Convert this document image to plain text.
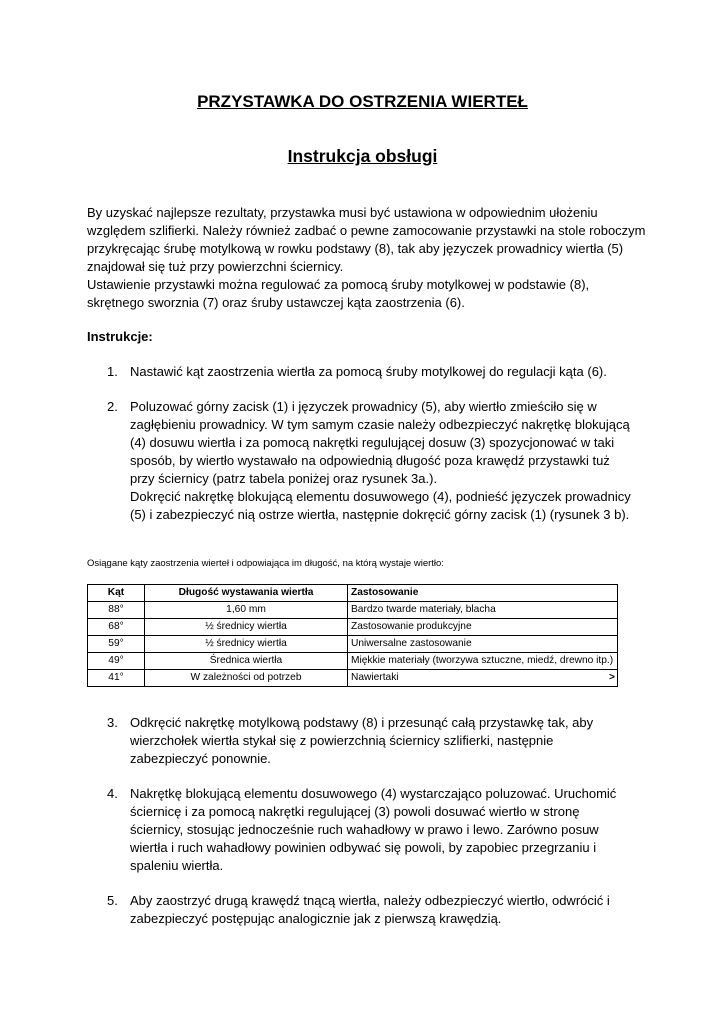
PRZYSTAWKA DO OSTRZENIA WIERTEŁ
Instrukcja obsługi
By uzyskać najlepsze rezultaty, przystawka musi być ustawiona w odpowiednim ułożeniu względem szlifierki. Należy również zadbać o pewne zamocowanie przystawki na stole roboczym przykręcając śrubę motylkową w rowku podstawy (8), tak aby języczek prowadnicy wiertła (5) znajdował się tuż przy powierzchni ściernicy.
Ustawienie przystawki można regulować za pomocą śruby motylkowej w podstawie (8), skrętnego sworznia (7) oraz śruby ustawczej kąta zaostrzenia (6).
Instrukcje:
1. Nastawić kąt zaostrzenia wiertła za pomocą śruby motylkowej do regulacji kąta (6).
2. Poluzować górny zacisk (1) i języczek prowadnicy (5), aby wiertło zmieściło się w zagłębieniu prowadnicy. W tym samym czasie należy odbezpieczyć nakrętkę blokującą (4) dosuwu wiertła i za pomocą nakrętki regulującej dosuw (3) spozycjonować w taki sposób, by wiertło wystawało na odpowiednią długość poza krawędź przystawki tuż przy ściernicy (patrz tabela poniżej oraz rysunek 3a.).
Dokręcić nakrętkę blokującą elementu dosuwowego (4), podnieść języczek prowadnicy (5) i zabezpieczyć nią ostrze wiertła, następnie dokręcić górny zacisk (1) (rysunek 3 b).
Osiągane kąty zaostrzenia wierteł i odpowiająca im długość, na którą wystaje wiertło:
Kąt	Długość wystawania wiertła	Zastosowanie
88°	1,60 mm	Bardzo twarde materiały, blacha
68°	½ średnicy wiertła	Zastosowanie produkcyjne
59°	½ średnicy wiertła	Uniwersalne zastosowanie
49°	Średnica wiertła	Miękkie materiały (tworzywa sztuczne, miedź, drewno itp.)
41°	W zależności od potrzeb	Nawiertaki >
3. Odkręcić nakrętkę motylkową podstawy (8) i przesunąć całą przystawkę tak, aby wierzchołek wiertła stykał się z powierzchnią ściernicy szlifierki, następnie zabezpieczyć ponownie.
4. Nakrętkę blokującą elementu dosuwowego (4) wystarczająco poluzować. Uruchomić ściernicę i za pomocą nakrętki regulującej (3) powoli dosuwać wiertło w stronę ściernicy, stosując jednocześnie ruch wahadłowy w prawo i lewo. Zarówno posuw wiertła i ruch wahadłowy powinien odbywać się powoli, by zapobiec przegrzaniu i spaleniu wiertła.
5. Aby zaostrzyć drugą krawędź tnącą wiertła, należy odbezpieczyć wiertło, odwrócić i zabezpieczyć postępując analogicznie jak z pierwszą krawędzią.
